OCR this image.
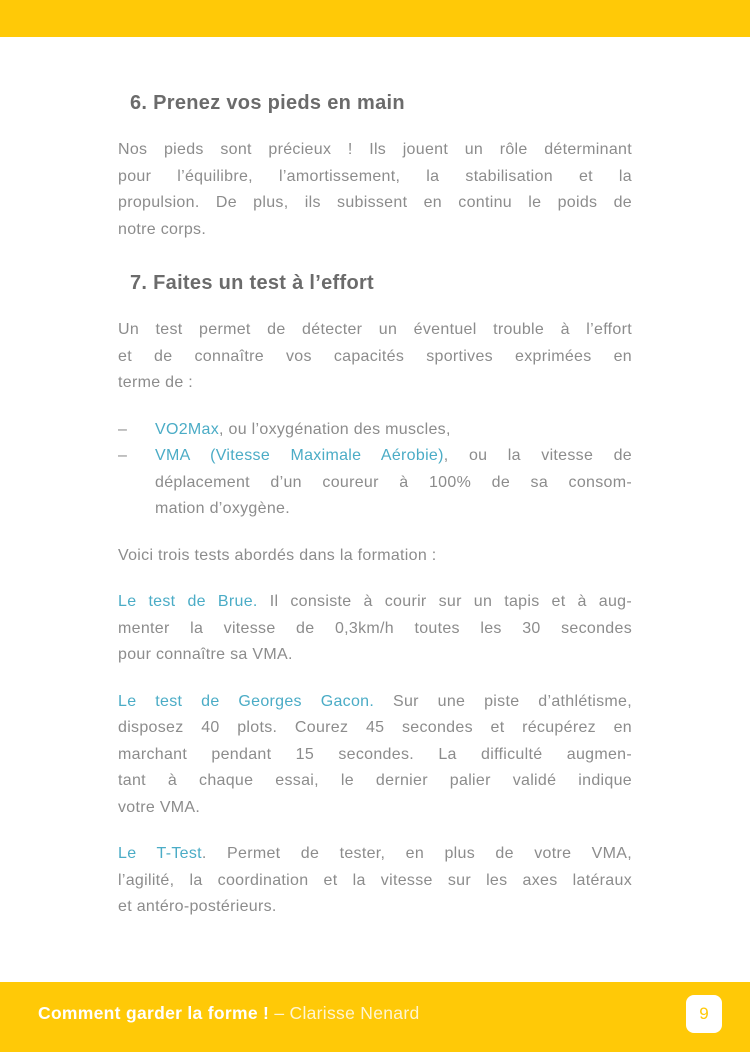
6. Prenez vos pieds en main
Nos pieds sont précieux ! Ils jouent un rôle déterminant
pour l’équilibre, l’amortissement, la stabilisation et la
propulsion. De plus, ils subissent en continu le poids de
notre corps.
7. Faites un test à l’effort
Un test permet de détecter un éventuel trouble à l’effort
et de connaître vos capacités sportives exprimées en
terme de :
–	VO2Max, ou l’oxygénation des muscles,
–	VMA (Vitesse Maximale Aérobie), ou la vitesse de
déplacement d’un coureur à 100% de sa consom-
mation d’oxygène.
Voici trois tests abordés dans la formation :
Le test de Brue. Il consiste à courir sur un tapis et à aug-
menter la vitesse de 0,3km/h toutes les 30 secondes
pour connaître sa VMA.
Le test de Georges Gacon. Sur une piste d’athlétisme,
disposez 40 plots. Courez 45 secondes et récupérez en
marchant pendant 15 secondes. La difficulté augmen-
tant à chaque essai, le dernier palier validé indique
votre VMA.
Le T-Test. Permet de tester, en plus de votre VMA,
l’agilité, la coordination et la vitesse sur les axes latéraux
et antéro-postérieurs.
Comment garder la forme ! – Clarisse Nenard	9
